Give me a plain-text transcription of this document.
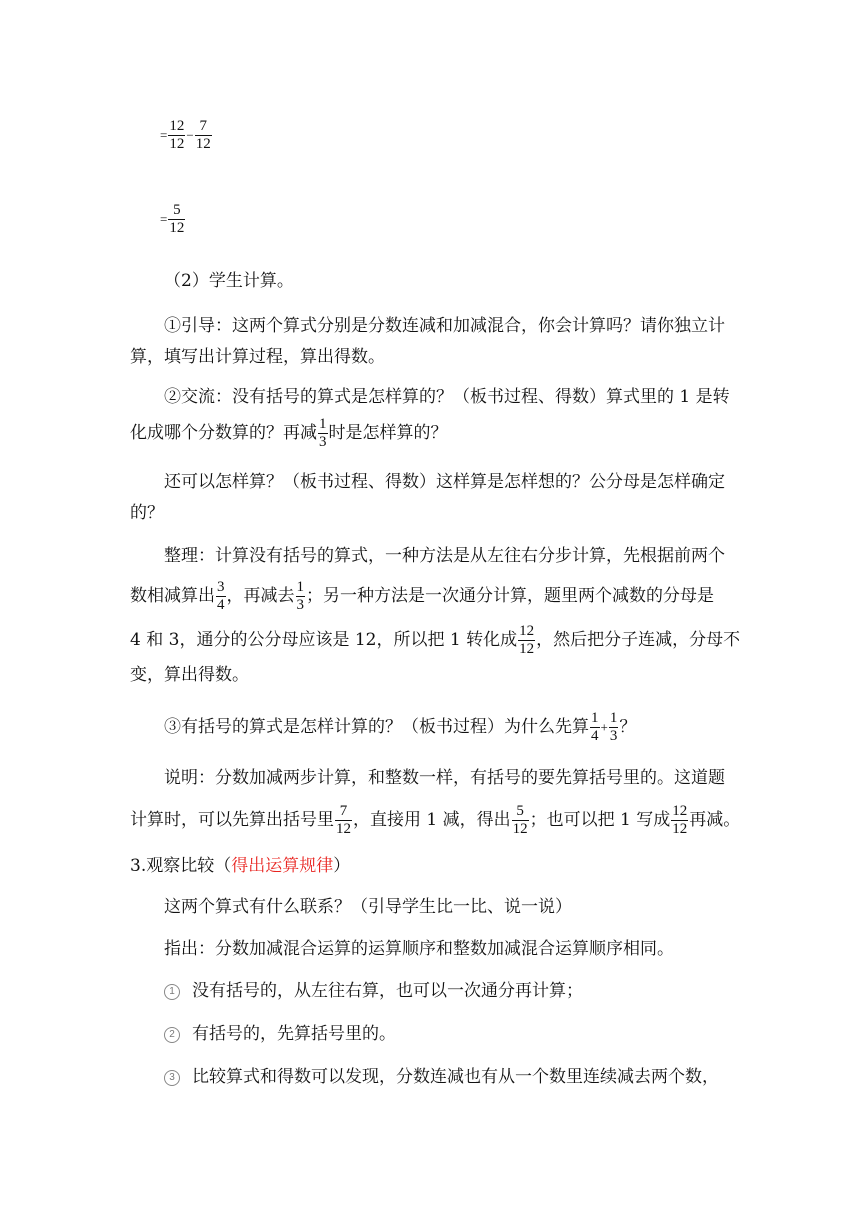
= $\frac{12}{12} - \frac{7}{12}$
= $\frac{5}{12}$
（2）学生计算。
①引导：这两个算式分别是分数连减和加减混合，你会计算吗？请你独立计
算，填写出计算过程，算出得数。
②交流：没有括号的算式是怎样算的？（板书过程、得数）算式里的 1 是转
化成哪个分数算的？再减 $\frac{1}{3}$ 时是怎样算的？
还可以怎样算？（板书过程、得数）这样算是怎样想的？公分母是怎样确定
的？
整理：计算没有括号的算式，一种方法是从左往右分步计算，先根据前两个
数相减算出 $\frac{3}{4}$ ，再减去 $\frac{1}{3}$ ；另一种方法是一次通分计算，题里两个减数的分母是
4 和 3，通分的公分母应该是 12，所以把 1 转化成 $\frac{12}{12}$ ，然后把分子连减，分母不
变，算出得数。
③有括号的算式是怎样计算的？（板书过程）为什么先算 $\frac{1}{4} + \frac{1}{3}$ ？
说明：分数加减两步计算，和整数一样，有括号的要先算括号里的。这道题
计算时，可以先算出括号里 $\frac{7}{12}$ ，直接用 1 减，得出 $\frac{5}{12}$ ；也可以把 1 写成 $\frac{12}{12}$ 再减。
3.观察比较（得出运算规律）
这两个算式有什么联系？（引导学生比一比、说一说）
指出：分数加减混合运算的运算顺序和整数加减混合运算顺序相同。
1 没有括号的，从左往右算，也可以一次通分再计算；
2 有括号的，先算括号里的。
3 比较算式和得数可以发现，分数连减也有从一个数里连续减去两个数，
